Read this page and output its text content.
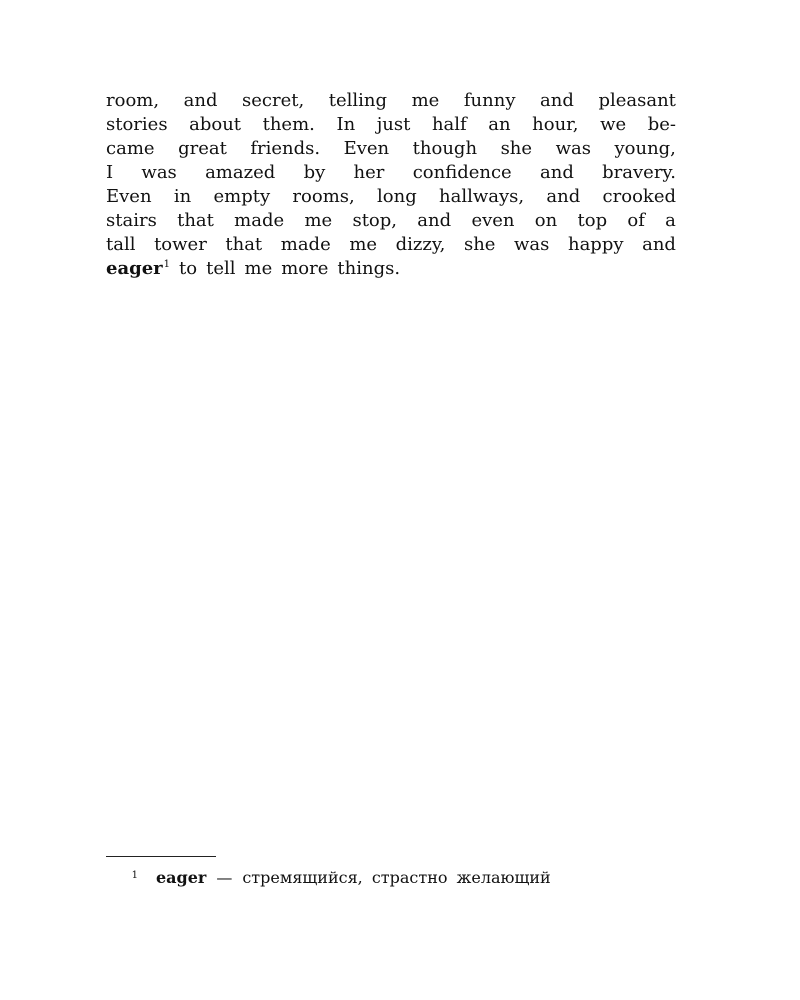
room, and secret, telling me funny and pleasant
stories about them. In just half an hour, we be-
came great friends. Even though she was young,
I was amazed by her confidence and bravery.
Even in empty rooms, long hallways, and crooked
stairs that made me stop, and even on top of a
tall tower that made me dizzy, she was happy and
eager$^1$ to tell me more things.
1 eager — стремящийся, страстно желающий
